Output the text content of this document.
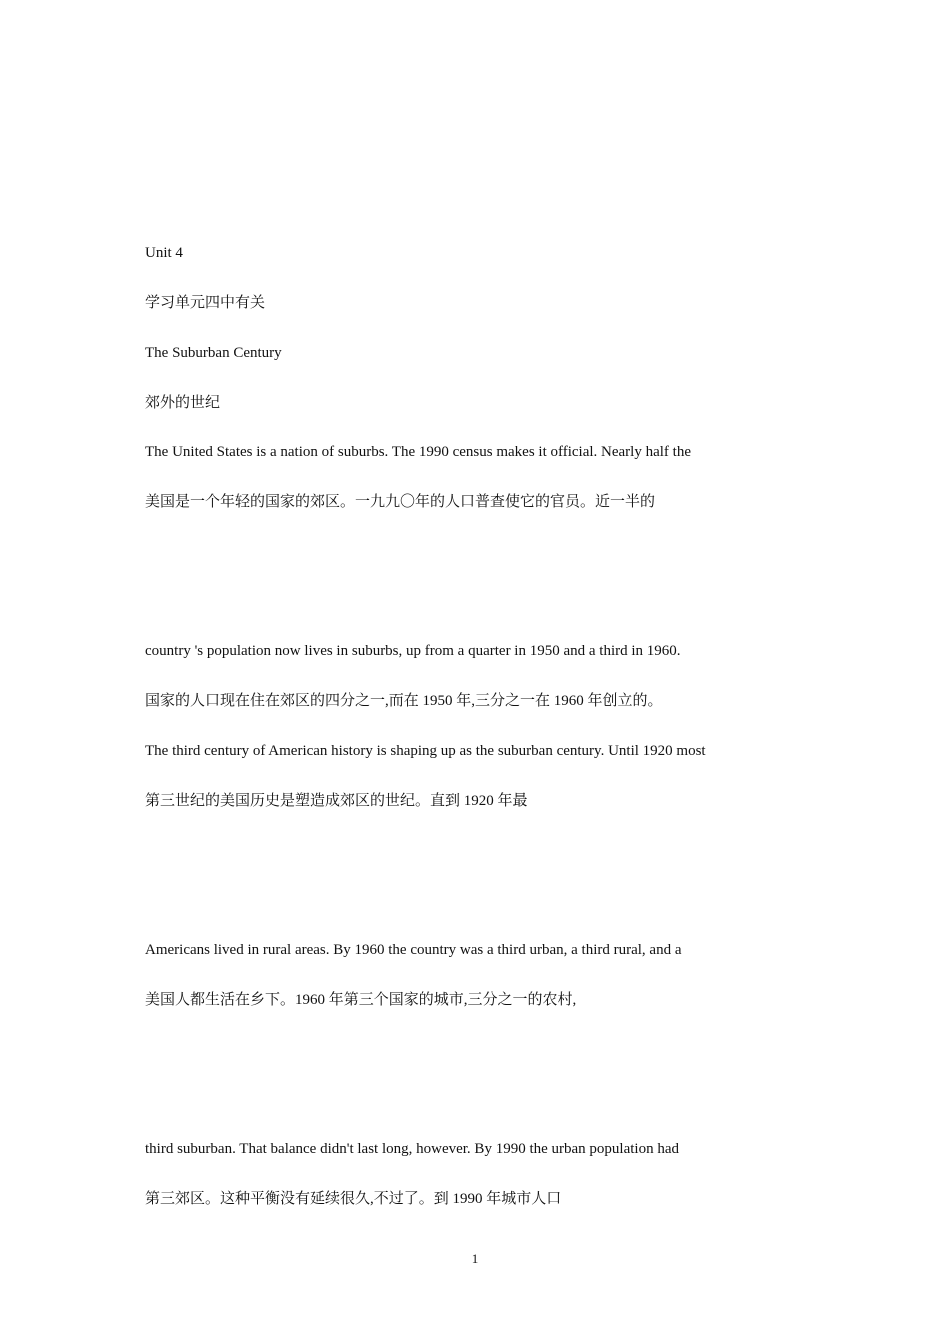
Unit 4
学习单元四中有关
The Suburban Century
郊外的世纪
The United States is a nation of suburbs. The 1990 census makes it official. Nearly half the
美国是一个年轻的国家的郊区。一九九〇年的人口普查使它的官员。近一半的
country 's population now lives in suburbs, up from a quarter in 1950 and a third in 1960.
国家的人口现在住在郊区的四分之一,而在 1950 年,三分之一在 1960 年创立的。
The third century of American history is shaping up as the suburban century. Until 1920 most
第三世纪的美国历史是塑造成郊区的世纪。直到 1920 年最
Americans lived in rural areas. By 1960 the country was a third urban, a third rural, and a
美国人都生活在乡下。1960 年第三个国家的城市,三分之一的农村,
third suburban. That balance didn't last long, however. By 1990 the urban population had
第三郊区。这种平衡没有延续很久,不过了。到 1990 年城市人口
1
